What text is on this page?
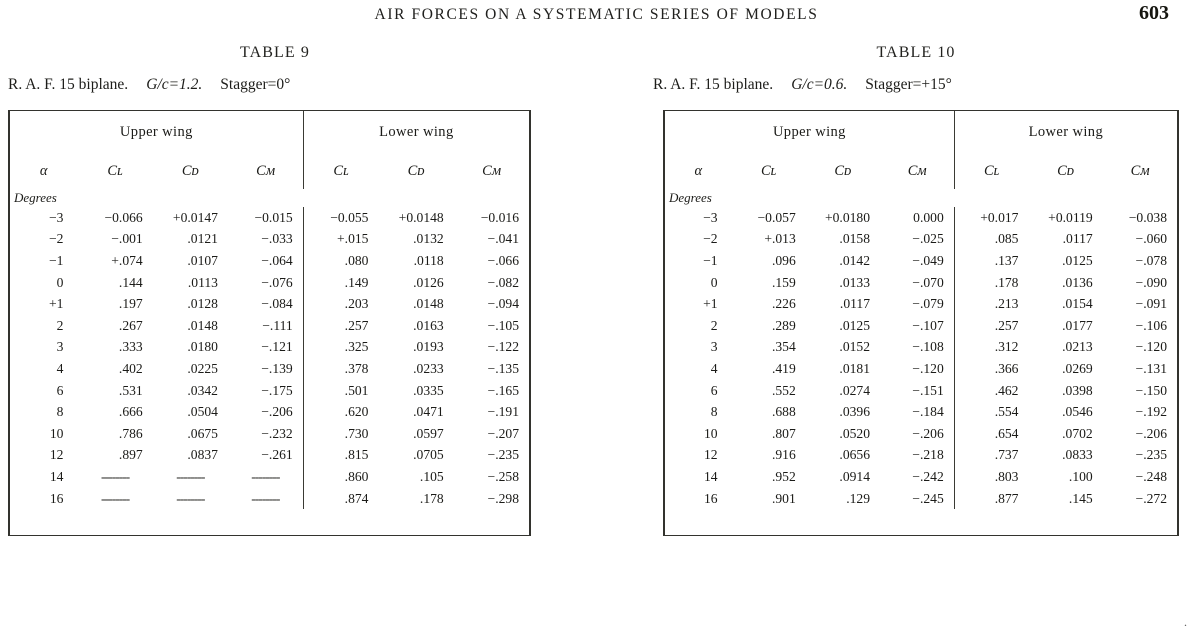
AIR FORCES ON A SYSTEMATIC SERIES OF MODELS	603
TABLE 9
R. A. F. 15 biplane. G/c=1.2. Stagger=0°
Upper wing				Lower wing		

α	Cʟ	Cᴅ	Cᴍ	Cʟ	Cᴅ	Cᴍ

Degrees						
−3	−0.066	+0.0147	−0.015	−0.055	+0.0148	−0.016
−2	−.001	.0121	−.033	+.015	.0132	−.041
−1	+.074	.0107	−.064	.080	.0118	−.066
0	.144	.0113	−.076	.149	.0126	−.082
+1	.197	.0128	−.084	.203	.0148	−.094
2	.267	.0148	−.111	.257	.0163	−.105
3	.333	.0180	−.121	.325	.0193	−.122
4	.402	.0225	−.139	.378	.0233	−.135
6	.531	.0342	−.175	.501	.0335	−.165
8	.666	.0504	−.206	.620	.0471	−.191
10	.786	.0675	−.232	.730	.0597	−.207
12	.897	.0837	−.261	.815	.0705	−.235
14	--------	--------	--------	.860	.105	−.258
16	--------	--------	--------	.874	.178	−.298

TABLE 10
R. A. F. 15 biplane. G/c=0.6. Stagger=+15°
Upper wing				Lower wing		

α	Cʟ	Cᴅ	Cᴍ	Cʟ	Cᴅ	Cᴍ

Degrees						
−3	−0.057	+0.0180	0.000	+0.017	+0.0119	−0.038
−2	+.013	.0158	−.025	.085	.0117	−.060
−1	.096	.0142	−.049	.137	.0125	−.078
0	.159	.0133	−.070	.178	.0136	−.090
+1	.226	.0117	−.079	.213	.0154	−.091
2	.289	.0125	−.107	.257	.0177	−.106
3	.354	.0152	−.108	.312	.0213	−.120
4	.419	.0181	−.120	.366	.0269	−.131
6	.552	.0274	−.151	.462	.0398	−.150
8	.688	.0396	−.184	.554	.0546	−.192
10	.807	.0520	−.206	.654	.0702	−.206
12	.916	.0656	−.218	.737	.0833	−.235
14	.952	.0914	−.242	.803	.100	−.248
16	.901	.129	−.245	.877	.145	−.272

.
